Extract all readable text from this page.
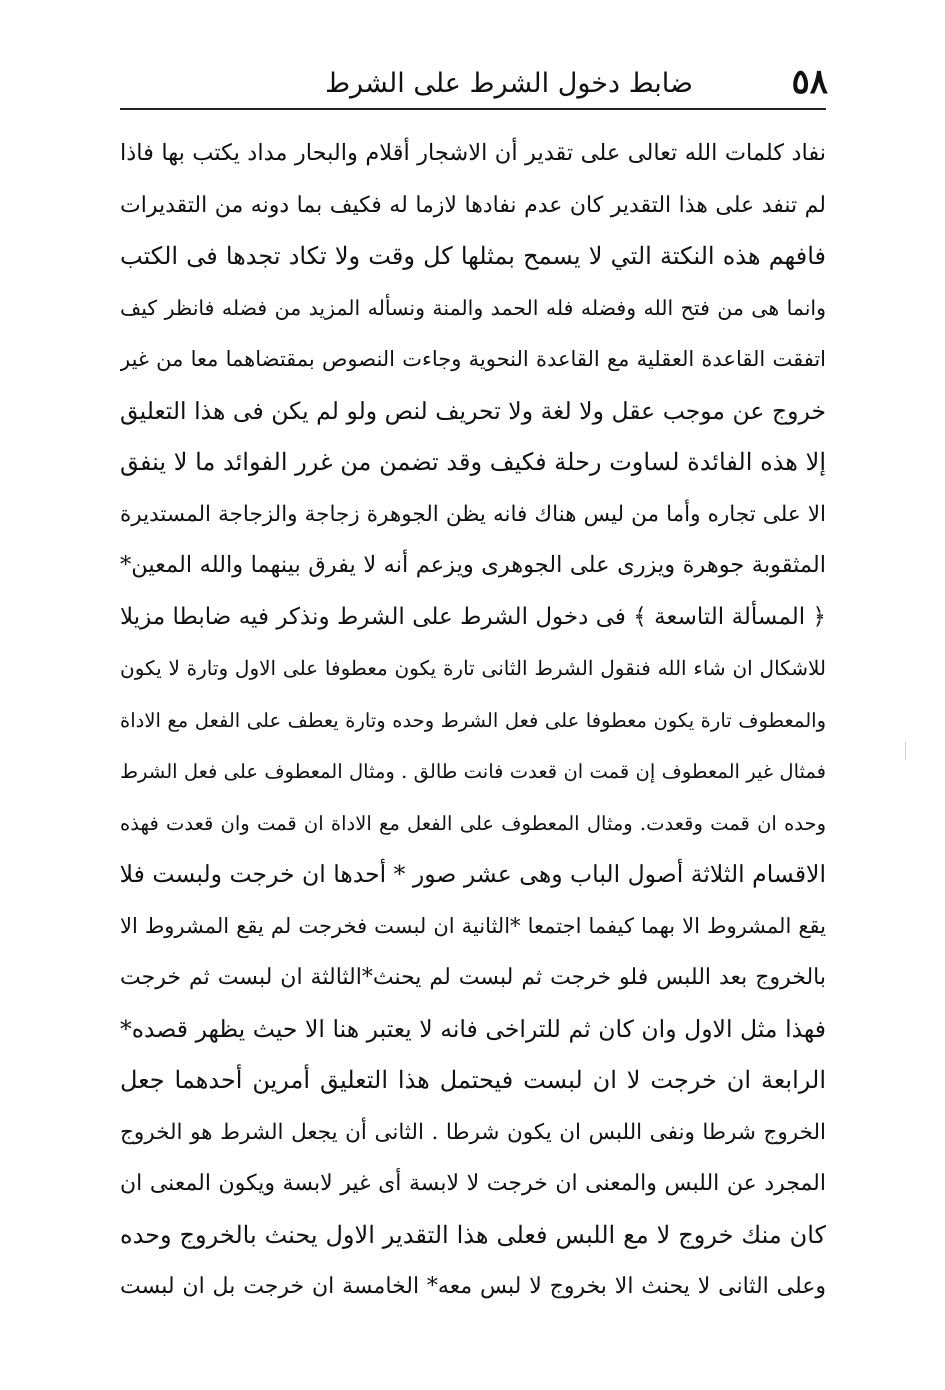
٥٨
ضابط دخول الشرط على الشرط
نفاد كلمات الله تعالى على تقدير أن الاشجار أقلام والبحار مداد يكتب بها فاذا
لم تنفد على هذا التقدير كان عدم نفادها لازما له فكيف بما دونه من التقديرات
فافهم هذه النكتة التي لا يسمح بمثلها كل وقت ولا تكاد تجدها فى الكتب
وانما هى من فتح الله وفضله فله الحمد والمنة ونسأله المزيد من فضله فانظر كيف
اتفقت القاعدة العقلية مع القاعدة النحوية وجاءت النصوص بمقتضاهما معا من غير
خروج عن موجب عقل ولا لغة ولا تحريف لنص ولو لم يكن فى هذا التعليق
إلا هذه الفائدة لساوت رحلة فكيف وقد تضمن من غرر الفوائد ما لا ينفق
الا على تجاره وأما من ليس هناك فانه يظن الجوهرة زجاجة والزجاجة المستديرة
المثقوبة جوهرة ويزرى على الجوهرى ويزعم أنه لا يفرق بينهما والله المعين*
﴿ المسألة التاسعة ﴾ فى دخول الشرط على الشرط ونذكر فيه ضابطا مزيلا
للاشكال ان شاء الله فنقول الشرط الثانى تارة يكون معطوفا على الاول وتارة لا يكون
والمعطوف تارة يكون معطوفا على فعل الشرط وحده وتارة يعطف على الفعل مع الاداة
فمثال غير المعطوف إن قمت ان قعدت فانت طالق . ومثال المعطوف على فعل الشرط
وحده ان قمت وقعدت. ومثال المعطوف على الفعل مع الاداة ان قمت وان قعدت فهذه
الاقسام الثلاثة أصول الباب وهى عشر صور * أحدها ان خرجت ولبست فلا
يقع المشروط الا بهما كيفما اجتمعا *الثانية ان لبست فخرجت لم يقع المشروط الا
بالخروج بعد اللبس فلو خرجت ثم لبست لم يحنث*الثالثة ان لبست ثم خرجت
فهذا مثل الاول وان كان ثم للتراخى فانه لا يعتبر هنا الا حيث يظهر قصده*
الرابعة ان خرجت لا ان لبست فيحتمل هذا التعليق أمرين أحدهما جعل
الخروج شرطا ونفى اللبس ان يكون شرطا . الثانى أن يجعل الشرط هو الخروج
المجرد عن اللبس والمعنى ان خرجت لا لابسة أى غير لابسة ويكون المعنى ان
كان منك خروج لا مع اللبس فعلى هذا التقدير الاول يحنث بالخروج وحده
وعلى الثانى لا يحنث الا بخروج لا لبس معه* الخامسة ان خرجت بل ان لبست
